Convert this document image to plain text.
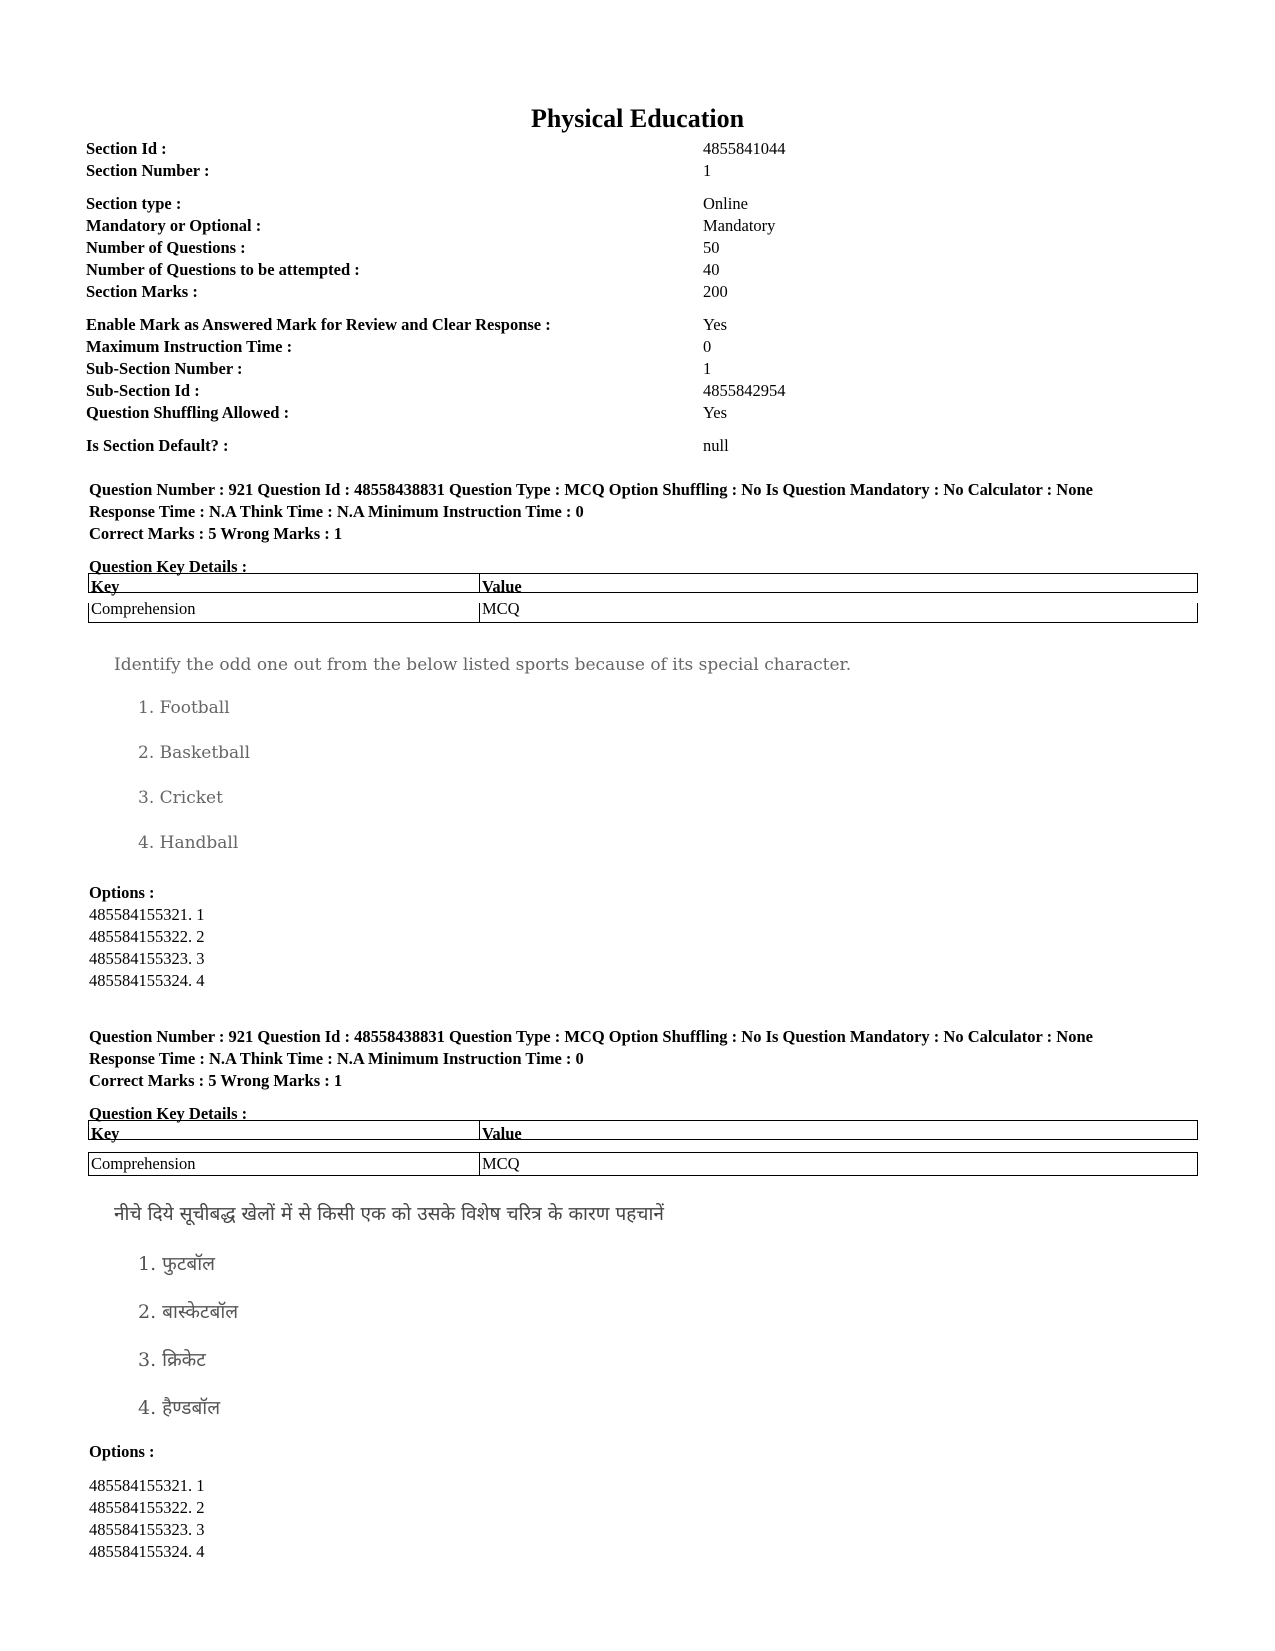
Physical Education
Section Id :	4855841044
Section Number :	1
Section type :	Online
Mandatory or Optional :	Mandatory
Number of Questions :	50
Number of Questions to be attempted :	40
Section Marks :	200
Enable Mark as Answered Mark for Review and Clear Response :	Yes
Maximum Instruction Time :	0
Sub-Section Number :	1
Sub-Section Id :	4855842954
Question Shuffling Allowed :	Yes
Is Section Default? :	null
Question Number : 921 Question Id : 48558438831 Question Type : MCQ Option Shuffling : No Is Question Mandatory : No Calculator : None
Response Time : N.A Think Time : N.A Minimum Instruction Time : 0
Correct Marks : 5 Wrong Marks : 1
Question Key Details :
Key	Value
Comprehension	MCQ
Identify the odd one out from the below listed sports because of its special character.
1. Football
2. Basketball
3. Cricket
4. Handball
Options :
485584155321. 1
485584155322. 2
485584155323. 3
485584155324. 4
Question Number : 921 Question Id : 48558438831 Question Type : MCQ Option Shuffling : No Is Question Mandatory : No Calculator : None
Response Time : N.A Think Time : N.A Minimum Instruction Time : 0
Correct Marks : 5 Wrong Marks : 1
Question Key Details :
Key	Value
Comprehension	MCQ
नीचे दिये सूचीबद्ध खेलों में से किसी एक को उसके विशेष चरित्र के कारण पहचानें
1. फुटबॉल
2. बास्केटबॉल
3. क्रिकेट
4. हैण्डबॉल
Options :
485584155321. 1
485584155322. 2
485584155323. 3
485584155324. 4
